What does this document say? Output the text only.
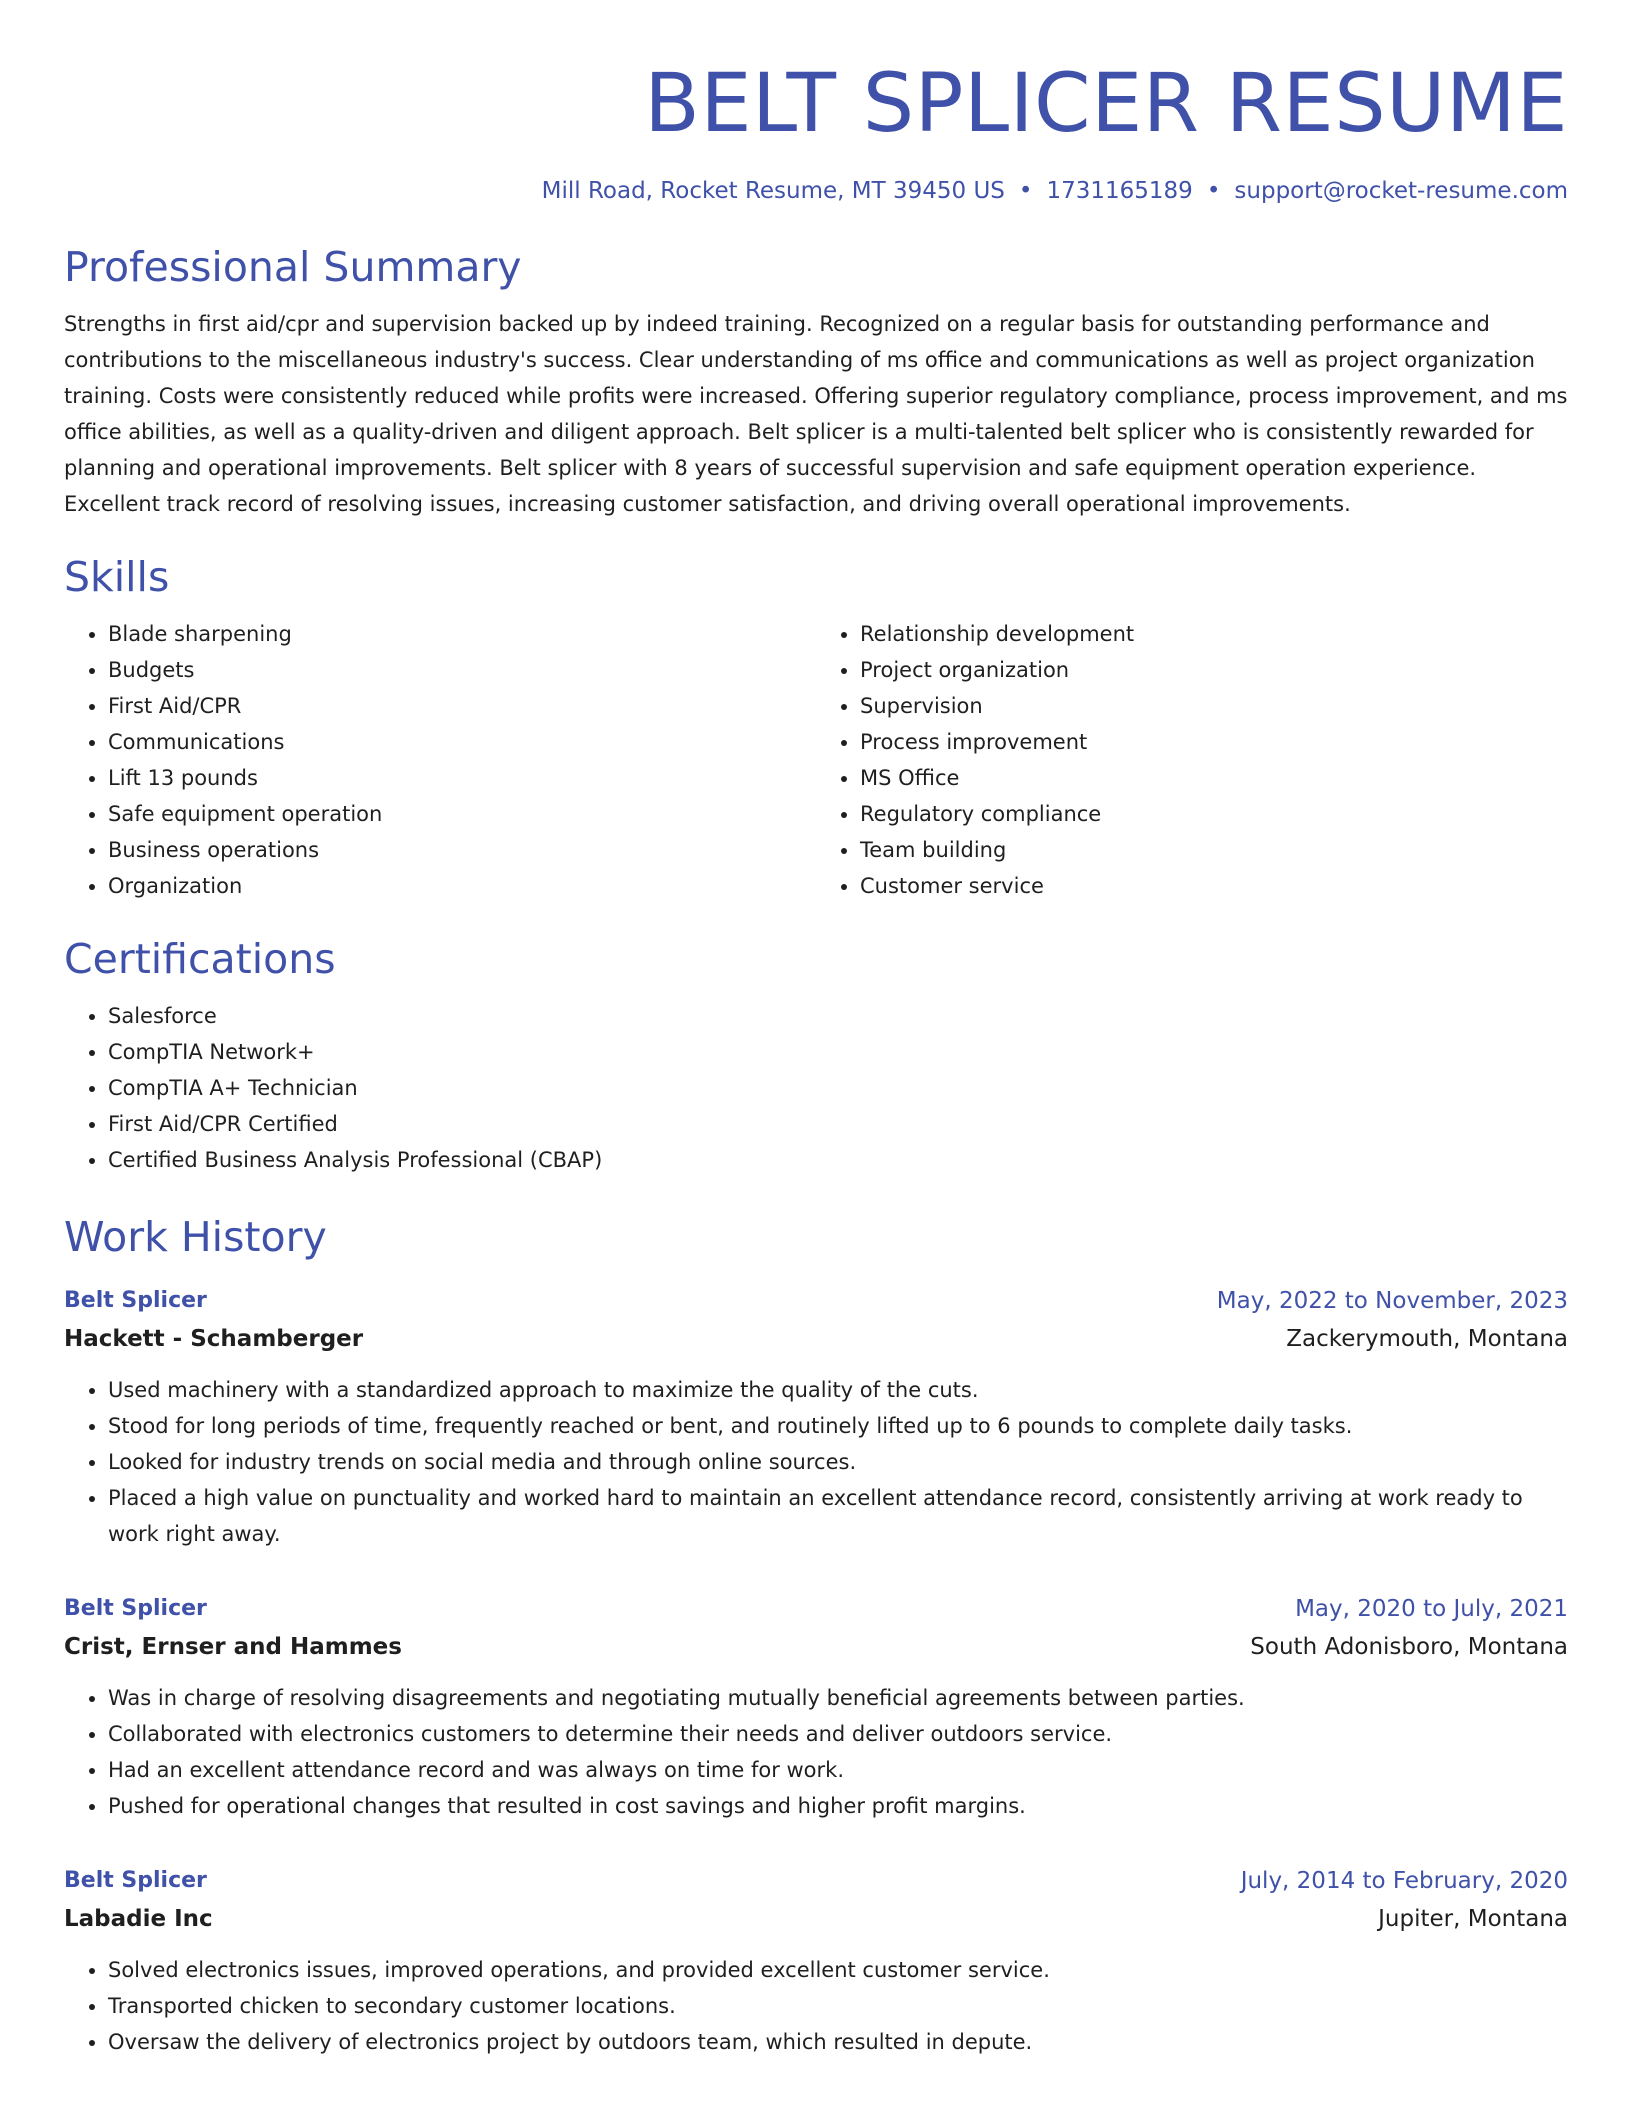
BELT SPLICER RESUME
Mill Road, Rocket Resume, MT 39450 US • 1731165189 • support@rocket-resume.com
Professional Summary
Strengths in first aid/cpr and supervision backed up by indeed training. Recognized on a regular basis for outstanding performance and contributions to the miscellaneous industry's success. Clear understanding of ms office and communications as well as project organization training. Costs were consistently reduced while profits were increased. Offering superior regulatory compliance, process improvement, and ms office abilities, as well as a quality-driven and diligent approach. Belt splicer is a multi-talented belt splicer who is consistently rewarded for planning and operational improvements. Belt splicer with 8 years of successful supervision and safe equipment operation experience. Excellent track record of resolving issues, increasing customer satisfaction, and driving overall operational improvements.
Skills
• Blade sharpening
• Budgets
• First Aid/CPR
• Communications
• Lift 13 pounds
• Safe equipment operation
• Business operations
• Organization
• Relationship development
• Project organization
• Supervision
• Process improvement
• MS Office
• Regulatory compliance
• Team building
• Customer service
Certifications
• Salesforce
• CompTIA Network+
• CompTIA A+ Technician
• First Aid/CPR Certified
• Certified Business Analysis Professional (CBAP)
Work History
Belt Splicer	May, 2022 to November, 2023
Hackett - Schamberger	Zackerymouth, Montana
• Used machinery with a standardized approach to maximize the quality of the cuts.
• Stood for long periods of time, frequently reached or bent, and routinely lifted up to 6 pounds to complete daily tasks.
• Looked for industry trends on social media and through online sources.
• Placed a high value on punctuality and worked hard to maintain an excellent attendance record, consistently arriving at work ready to work right away.
Belt Splicer	May, 2020 to July, 2021
Crist, Ernser and Hammes	South Adonisboro, Montana
• Was in charge of resolving disagreements and negotiating mutually beneficial agreements between parties.
• Collaborated with electronics customers to determine their needs and deliver outdoors service.
• Had an excellent attendance record and was always on time for work.
• Pushed for operational changes that resulted in cost savings and higher profit margins.
Belt Splicer	July, 2014 to February, 2020
Labadie Inc	Jupiter, Montana
• Solved electronics issues, improved operations, and provided excellent customer service.
• Transported chicken to secondary customer locations.
• Oversaw the delivery of electronics project by outdoors team, which resulted in depute.
